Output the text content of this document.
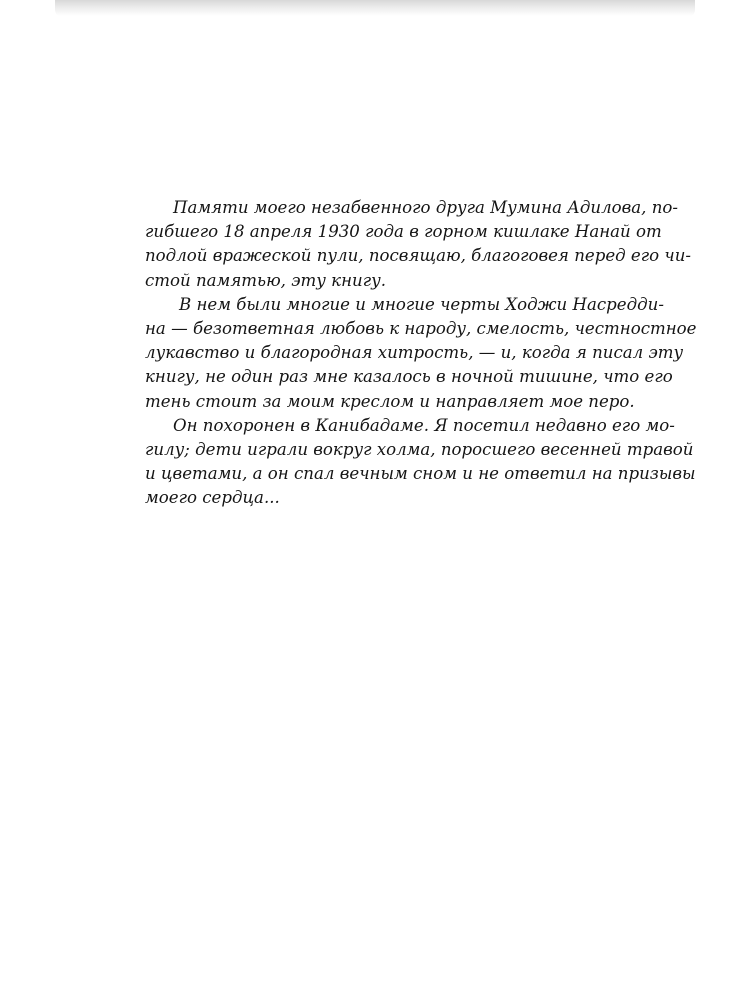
Памяти моего незабвенного друга Мумина Адилова, по-
гибшего 18 апреля 1930 года в горном кишлаке Нанай от
подлой вражеской пули, посвящаю, благоговея перед его чи-
стой памятью, эту книгу.
В нем были многие и многие черты Ходжи Насредди-
на — безответная любовь к народу, смелость, честностное
лукавство и благородная хитрость, — и, когда я писал эту
книгу, не один раз мне казалось в ночной тишине, что его
тень стоит за моим креслом и направляет мое перо.
Он похоронен в Канибадаме. Я посетил недавно его мо-
гилу; дети играли вокруг холма, поросшего весенней травой
и цветами, а он спал вечным сном и не ответил на призывы
моего сердца...
